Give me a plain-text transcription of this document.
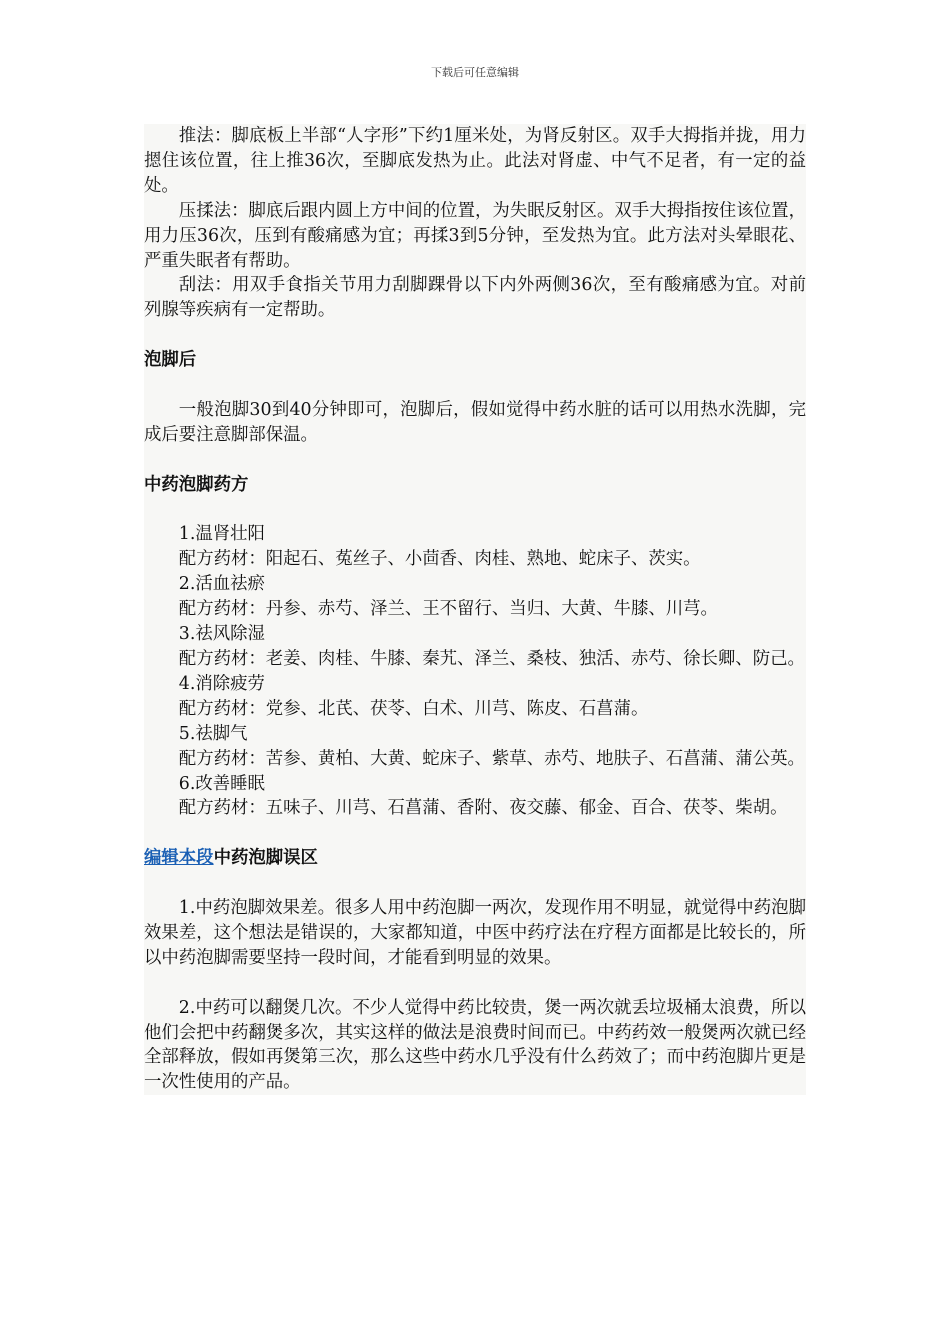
下载后可任意编辑

推法：脚底板上半部“人字形”下约1厘米处，为肾反射区。双手大拇指并拢，用力摁住该位置，往上推36次，至脚底发热为止。此法对肾虚、中气不足者，有一定的益处。

压揉法：脚底后跟内圆上方中间的位置，为失眠反射区。双手大拇指按住该位置，用力压36次，压到有酸痛感为宜；再揉3到5分钟，至发热为宜。此方法对头晕眼花、严重失眠者有帮助。

刮法：用双手食指关节用力刮脚踝骨以下内外两侧36次，至有酸痛感为宜。对前列腺等疾病有一定帮助。

泡脚后

一般泡脚30到40分钟即可，泡脚后，假如觉得中药水脏的话可以用热水洗脚，完成后要注意脚部保温。

中药泡脚药方

1.温肾壮阳

配方药材：阳起石、菟丝子、小茴香、肉桂、熟地、蛇床子、茨实。

2.活血祛瘀

配方药材：丹参、赤芍、泽兰、王不留行、当归、大黄、牛膝、川芎。

3.祛风除湿

配方药材：老姜、肉桂、牛膝、秦艽、泽兰、桑枝、独活、赤芍、徐长卿、防己。

4.消除疲劳

配方药材：党参、北芪、茯苓、白术、川芎、陈皮、石菖蒲。

5.祛脚气

配方药材：苦参、黄柏、大黄、蛇床子、紫草、赤芍、地肤子、石菖蒲、蒲公英。

6.改善睡眠

配方药材：五味子、川芎、石菖蒲、香附、夜交藤、郁金、百合、茯苓、柴胡。

编辑本段中药泡脚误区

1.中药泡脚效果差。很多人用中药泡脚一两次，发现作用不明显，就觉得中药泡脚效果差，这个想法是错误的，大家都知道，中医中药疗法在疗程方面都是比较长的，所以中药泡脚需要坚持一段时间，才能看到明显的效果。

2.中药可以翻煲几次。不少人觉得中药比较贵，煲一两次就丢垃圾桶太浪费，所以他们会把中药翻煲多次，其实这样的做法是浪费时间而已。中药药效一般煲两次就已经全部释放，假如再煲第三次，那么这些中药水几乎没有什么药效了；而中药泡脚片更是一次性使用的产品。
